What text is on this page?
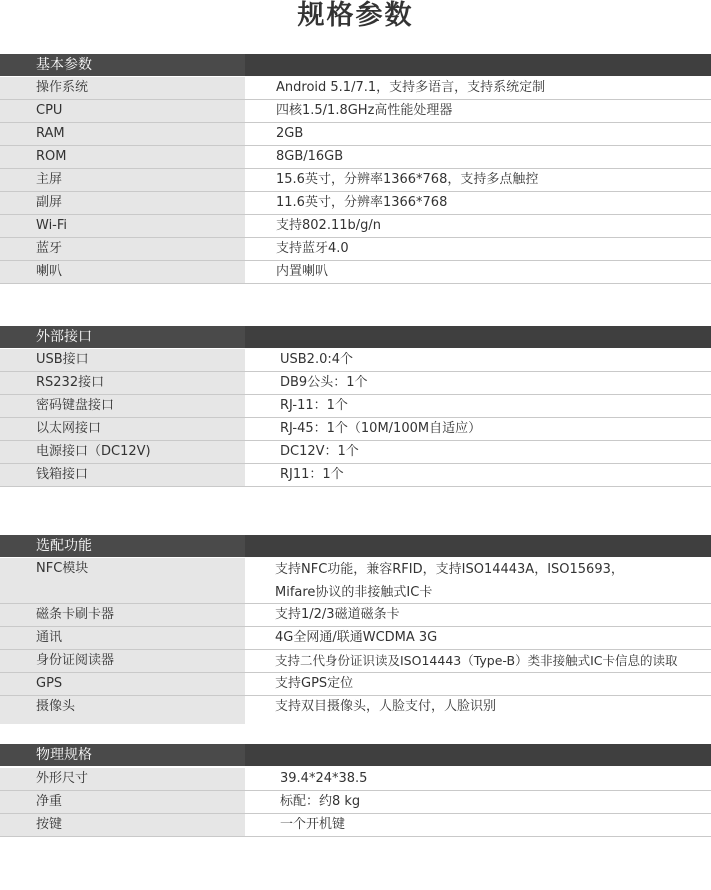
规格参数
基本参数
操作系统	Android 5.1/7.1，支持多语言，支持系统定制
CPU	四核1.5/1.8GHz高性能处理器
RAM	2GB
ROM	8GB/16GB
主屏	15.6英寸，分辨率1366*768，支持多点触控
副屏	11.6英寸，分辨率1366*768
Wi-Fi	支持802.11b/g/n
蓝牙	支持蓝牙4.0
喇叭	内置喇叭
外部接口
USB接口	USB2.0:4个
RS232接口	DB9公头：1个
密码键盘接口	RJ-11：1个
以太网接口	RJ-45：1个（10M/100M自适应）
电源接口（DC12V)	DC12V：1个
钱箱接口	RJ11：1个
选配功能
NFC模块	支持NFC功能，兼容RFID，支持ISO14443A，ISO15693，
Mifare协议的非接触式IC卡
磁条卡刷卡器	支持1/2/3磁道磁条卡
通讯	4G全网通/联通WCDMA 3G
身份证阅读器	支持二代身份证识读及ISO14443（Type-B）类非接触式IC卡信息的读取
GPS	支持GPS定位
摄像头	支持双目摄像头，人脸支付，人脸识别
物理规格
外形尺寸	39.4*24*38.5
净重	标配：约8 kg
按键	一个开机键
